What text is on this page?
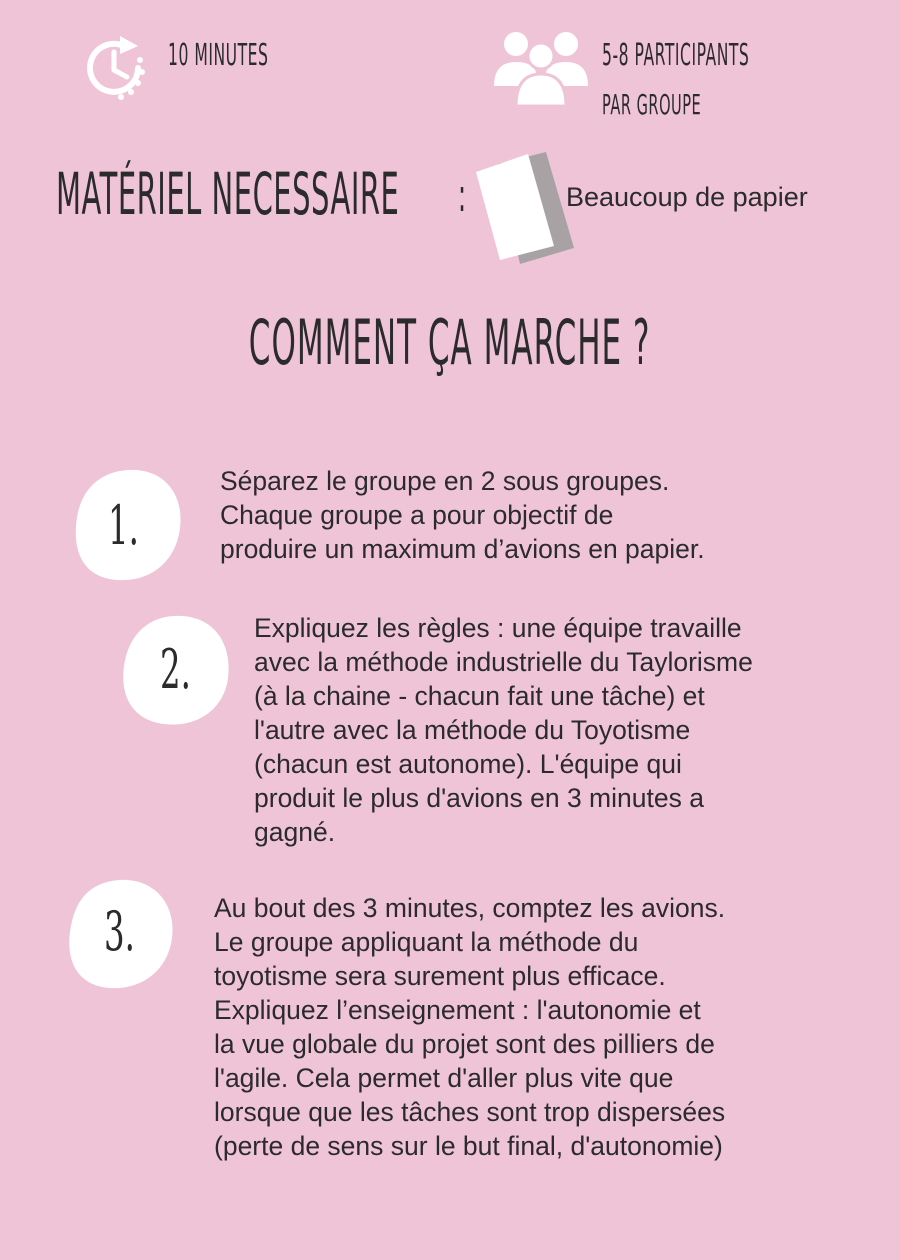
10 MINUTES	5-8 PARTICIPANTS
PAR GROUPE
MATÉRIEL NECESSAIRE :	Beaucoup de papier
COMMENT ÇA MARCHE ?
1.

Séparez le groupe en 2 sous groupes.
Chaque groupe a pour objectif de
produire un maximum d’avions en papier.

2.

Expliquez les règles : une équipe travaille
avec la méthode industrielle du Taylorisme
(à la chaine - chacun fait une tâche) et
l'autre avec la méthode du Toyotisme
(chacun est autonome). L'équipe qui
produit le plus d'avions en 3 minutes a
gagné.

3.	Au bout des 3 minutes, comptez les avions.
Le groupe appliquant la méthode du
toyotisme sera surement plus efficace.
Expliquez l’enseignement : l'autonomie et
la vue globale du projet sont des pilliers de
l'agile. Cela permet d'aller plus vite que
lorsque que les tâches sont trop dispersées
(perte de sens sur le but final, d'autonomie)
